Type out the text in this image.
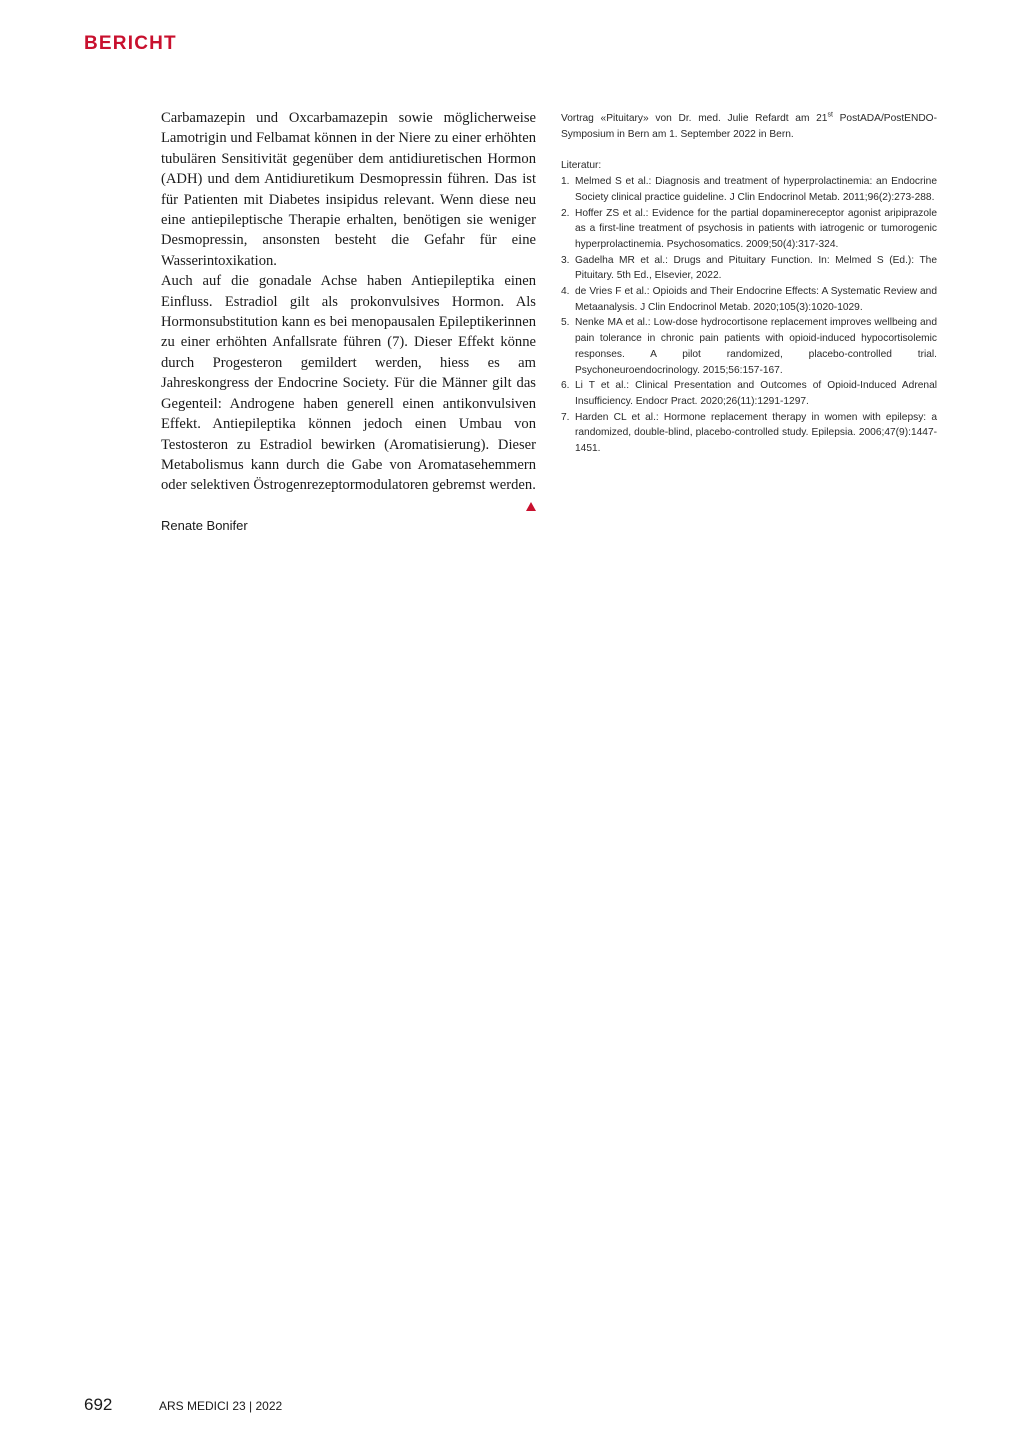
BERICHT

Carbamazepin und Oxcarbamazepin sowie möglicherweise Lamotrigin und Felbamat können in der Niere zu einer erhöhten tubulären Sensitivität gegenüber dem antidiuretischen Hormon (ADH) und dem Antidiuretikum Desmopressin führen. Das ist für Patienten mit Diabetes insipidus relevant. Wenn diese neu eine antiepileptische Therapie erhalten, benötigen sie weniger Desmopressin, ansonsten besteht die Gefahr für eine Wasserintoxikation.

Auch auf die gonadale Achse haben Antiepileptika einen Einfluss. Estradiol gilt als prokonvulsives Hormon. Als Hormonsubstitution kann es bei menopausalen Epileptikerinnen zu einer erhöhten Anfallsrate führen (7). Dieser Effekt könne durch Progesteron gemildert werden, hiess es am Jahreskongress der Endocrine Society. Für die Männer gilt das Gegenteil: Androgene haben generell einen antikonvulsiven Effekt. Antiepileptika können jedoch einen Umbau von Testosteron zu Estradiol bewirken (Aromatisierung). Dieser Metabolismus kann durch die Gabe von Aromatasehemmern oder selektiven Östrogenrezeptormodulatoren gebremst werden.

Renate Bonifer

Vortrag «Pituitary» von Dr. med. Julie Refardt am 21st PostADA/PostENDO-Symposium in Bern am 1. September 2022 in Bern.

Literatur:

1. Melmed S et al.: Diagnosis and treatment of hyperprolactinemia: an Endocrine Society clinical practice guideline. J Clin Endocrinol Metab. 2011;96(2):273-288.
2. Hoffer ZS et al.: Evidence for the partial dopaminereceptor agonist aripiprazole as a first-line treatment of psychosis in patients with iatrogenic or tumorogenic hyperprolactinemia. Psychosomatics. 2009;50(4):317-324.
3. Gadelha MR et al.: Drugs and Pituitary Function. In: Melmed S (Ed.): The Pituitary. 5th Ed., Elsevier, 2022.
4. de Vries F et al.: Opioids and Their Endocrine Effects: A Systematic Review and Metaanalysis. J Clin Endocrinol Metab. 2020;105(3):1020-1029.
5. Nenke MA et al.: Low-dose hydrocortisone replacement improves wellbeing and pain tolerance in chronic pain patients with opioid-induced hypocortisolemic responses. A pilot randomized, placebo-controlled trial. Psychoneuroendocrinology. 2015;56:157-167.
6. Li T et al.: Clinical Presentation and Outcomes of Opioid-Induced Adrenal Insufficiency. Endocr Pract. 2020;26(11):1291-1297.
7. Harden CL et al.: Hormone replacement therapy in women with epilepsy: a randomized, double-blind, placebo-controlled study. Epilepsia. 2006;47(9):1447-1451.
692	ARS MEDICI 23 | 2022
